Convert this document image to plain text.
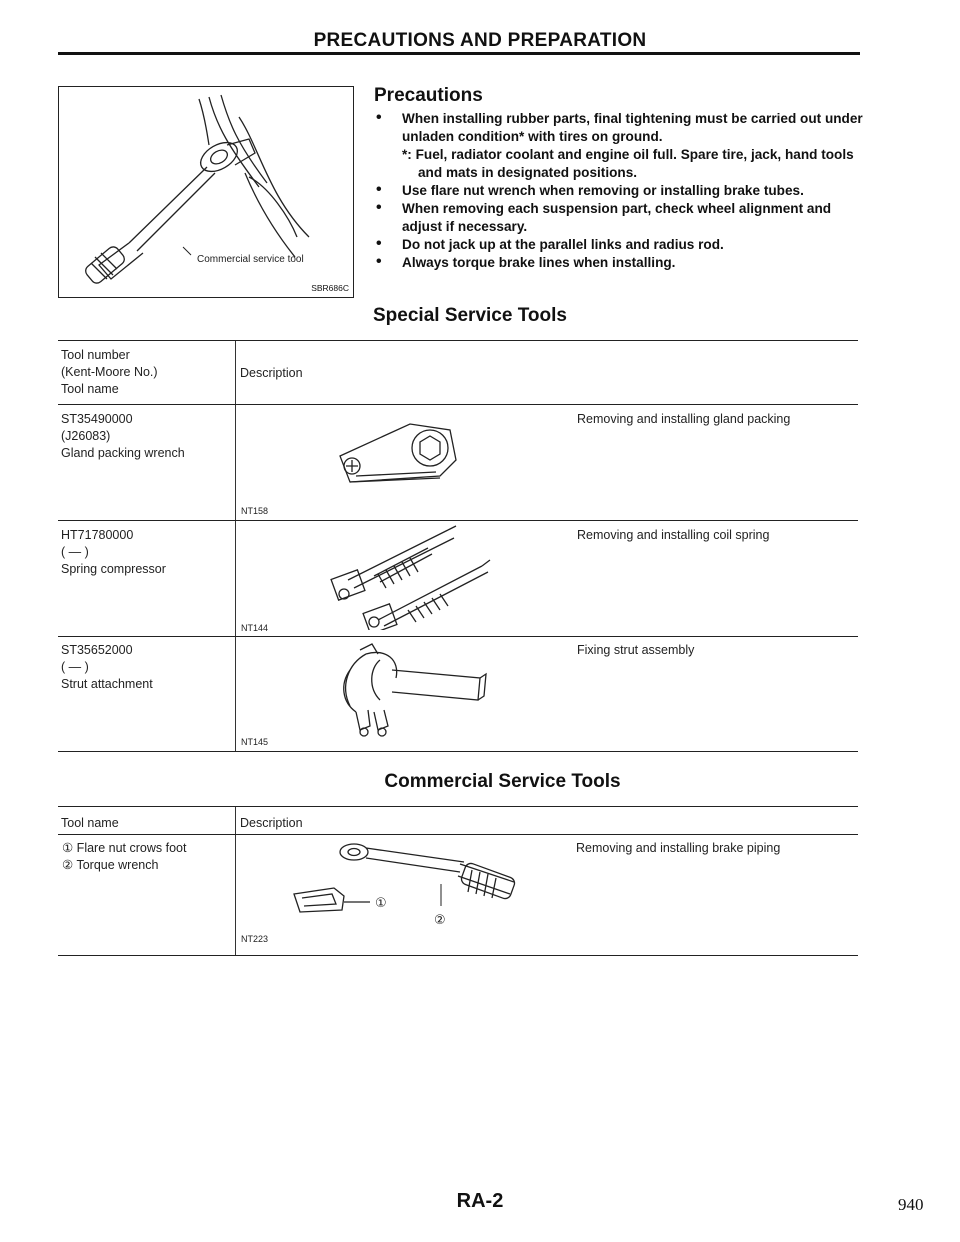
PRECAUTIONS AND PREPARATION
Commercial service tool
SBR686C
Precautions
• When installing rubber parts, final tightening must be carried out under unladen condition* with tires on ground.
*: Fuel, radiator coolant and engine oil full. Spare tire, jack, hand tools and mats in designated positions.
• Use flare nut wrench when removing or installing brake tubes.
• When removing each suspension part, check wheel alignment and adjust if necessary.
• Do not jack up at the parallel links and radius rod.
• Always torque brake lines when installing.
Special Service Tools
Tool number
(Kent-Moore No.)
Tool name
Description
ST35490000
(J26083)
Gland packing wrench
NT158
Removing and installing gland packing
HT71780000
( — )
Spring compressor
NT144
Removing and installing coil spring
ST35652000
( — )
Strut attachment
NT145
Fixing strut assembly
Commercial Service Tools
Tool name	Description
① Flare nut crows foot
② Torque wrench
①
②
NT223
Removing and installing brake piping
RA-2	940
